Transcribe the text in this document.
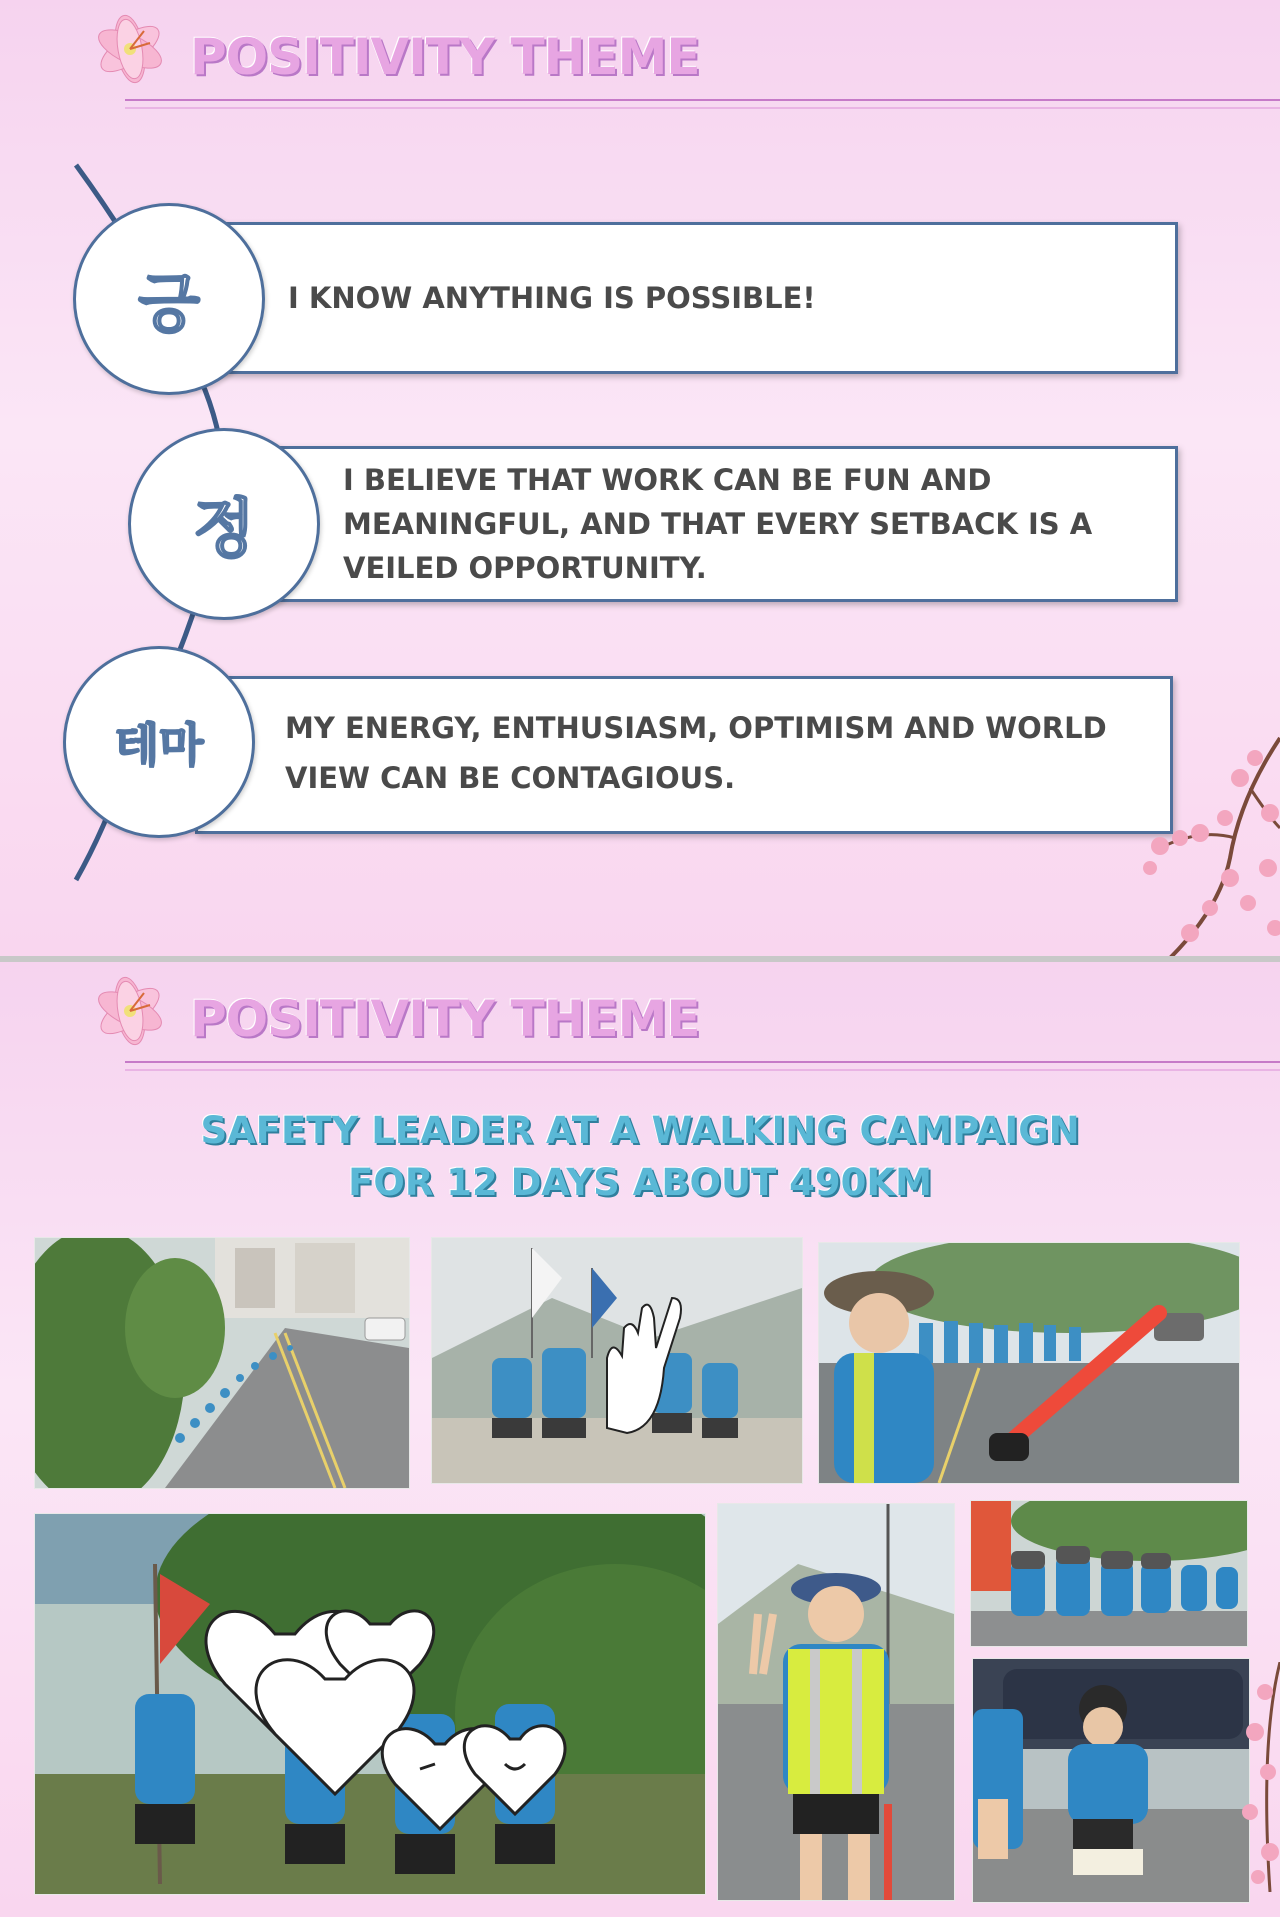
POSITIVITY THEME
I KNOW ANYTHING IS POSSIBLE!
긍
I BELIEVE THAT WORK CAN BE FUN AND MEANINGFUL, AND THAT EVERY SETBACK IS A VEILED OPPORTUNITY.
정
MY ENERGY, ENTHUSIASM, OPTIMISM AND WORLD VIEW CAN BE CONTAGIOUS.
테마
POSITIVITY THEME
SAFETY LEADER AT A WALKING CAMPAIGN
FOR 12 DAYS ABOUT 490KM
